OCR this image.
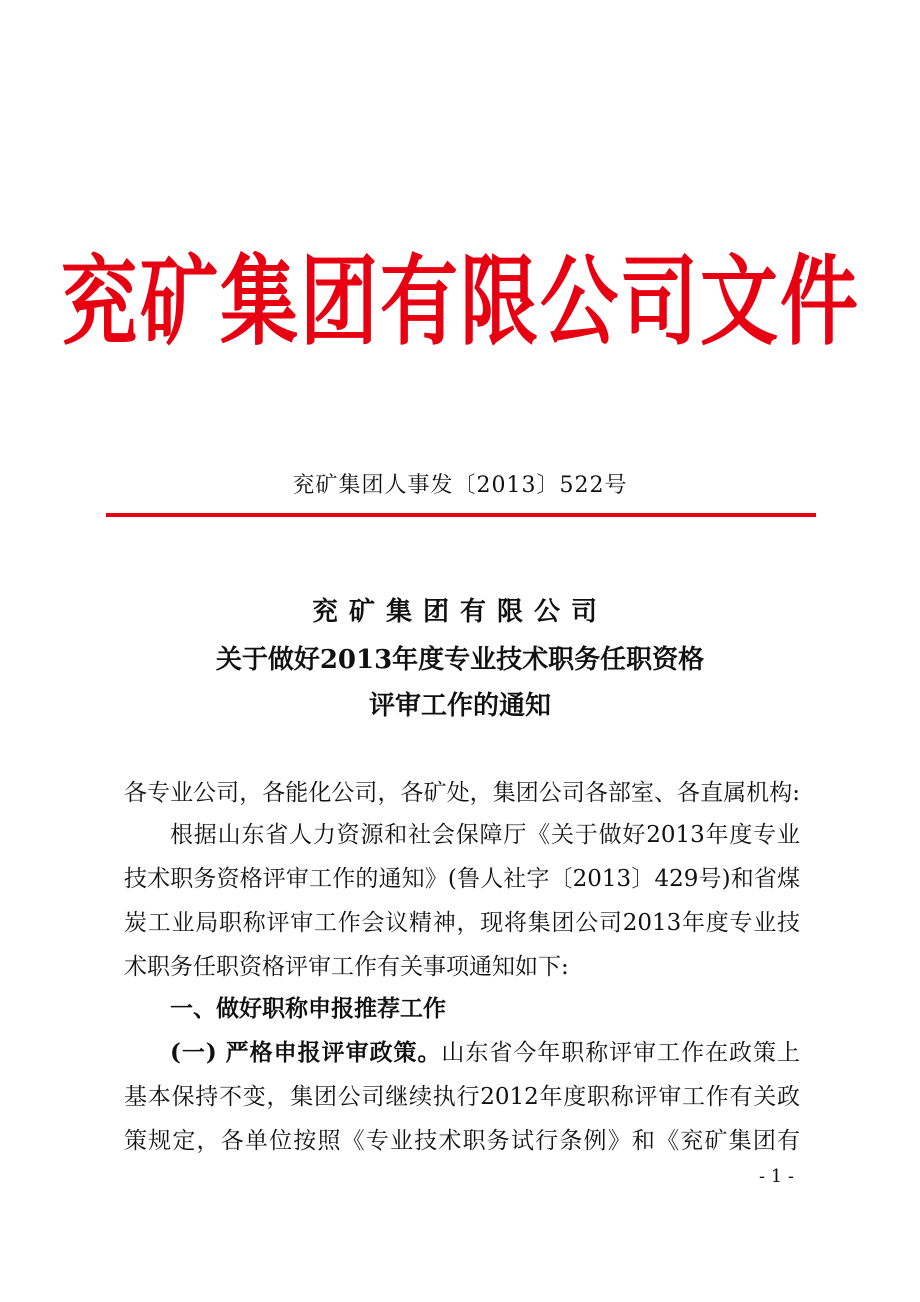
兖矿集团有限公司文件
兖矿集团人事发〔2013〕522号
兖矿集团有限公司
关于做好2013年度专业技术职务任职资格
评审工作的通知
各专业公司，各能化公司，各矿处，集团公司各部室、各直属机构:
根据山东省人力资源和社会保障厅《关于做好2013年度专业
技术职务资格评审工作的通知》(鲁人社字〔2013〕429号)和省煤
炭工业局职称评审工作会议精神，现将集团公司2013年度专业技
术职务任职资格评审工作有关事项通知如下:
一、做好职称申报推荐工作
(一) 严格申报评审政策。山东省今年职称评审工作在政策上
基本保持不变，集团公司继续执行2012年度职称评审工作有关政
策规定，各单位按照《专业技术职务试行条例》和《兖矿集团有
- 1 -
